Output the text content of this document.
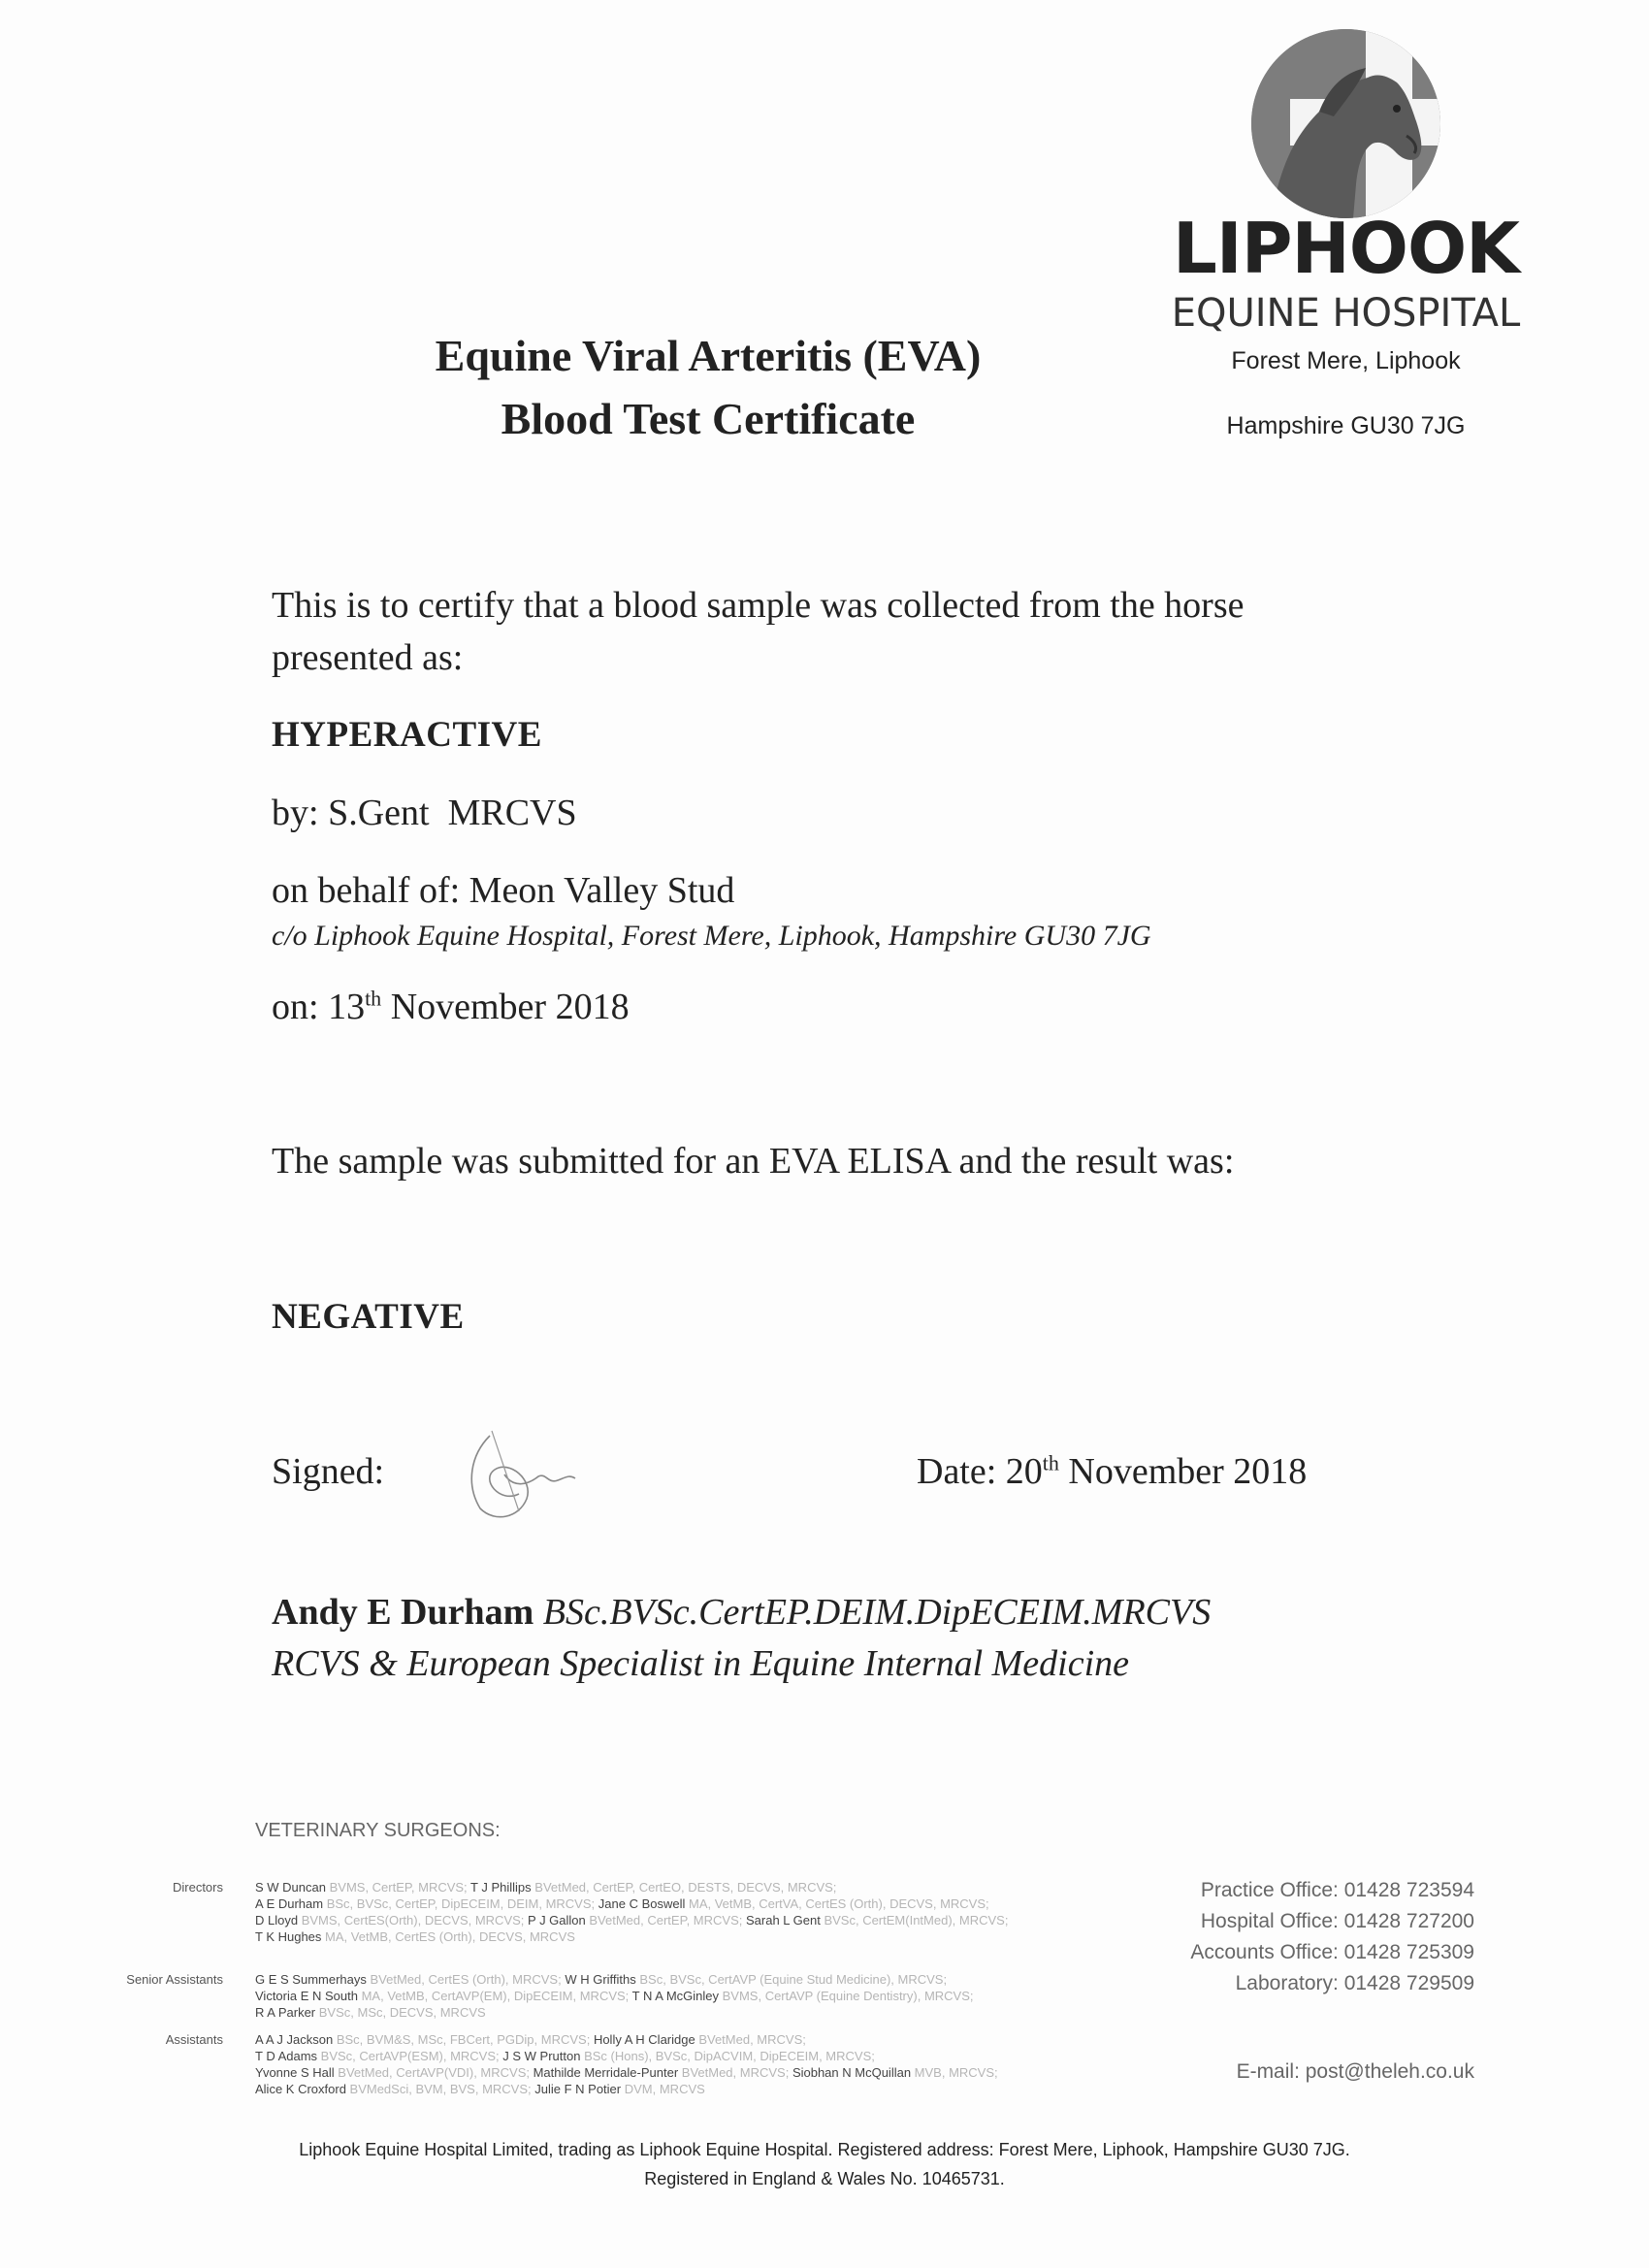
LIPHOOK
EQUINE HOSPITAL
Forest Mere, Liphook
Hampshire GU30 7JG
Equine Viral Arteritis (EVA)
Blood Test Certificate
This is to certify that a blood sample was collected from the horse
presented as:
HYPERACTIVE
by: S.Gent  MRCVS
on behalf of: Meon Valley Stud
c/o Liphook Equine Hospital, Forest Mere, Liphook, Hampshire GU30 7JG
on: 13th November 2018
The sample was submitted for an EVA ELISA and the result was:
NEGATIVE
Signed:	Date: 20th November 2018
Andy E Durham BSc.BVSc.CertEP.DEIM.DipECEIM.MRCVS
RCVS & European Specialist in Equine Internal Medicine
VETERINARY SURGEONS:
Directors	S W Duncan BVMS, CertEP, MRCVS; T J Phillips BVetMed, CertEP, CertEO, DESTS, DECVS, MRCVS;
A E Durham BSc, BVSc, CertEP, DipECEIM, DEIM, MRCVS; Jane C Boswell MA, VetMB, CertVA, CertES (Orth), DECVS, MRCVS;
D Lloyd BVMS, CertES(Orth), DECVS, MRCVS; P J Gallon BVetMed, CertEP, MRCVS; Sarah L Gent BVSc, CertEM(IntMed), MRCVS;
T K Hughes MA, VetMB, CertES (Orth), DECVS, MRCVS
Senior Assistants	G E S Summerhays BVetMed, CertES (Orth), MRCVS; W H Griffiths BSc, BVSc, CertAVP (Equine Stud Medicine), MRCVS;
Victoria E N South MA, VetMB, CertAVP(EM), DipECEIM, MRCVS; T N A McGinley BVMS, CertAVP (Equine Dentistry), MRCVS;
R A Parker BVSc, MSc, DECVS, MRCVS
Assistants	A A J Jackson BSc, BVM&S, MSc, FBCert, PGDip, MRCVS; Holly A H Claridge BVetMed, MRCVS;
T D Adams BVSc, CertAVP(ESM), MRCVS; J S W Prutton BSc (Hons), BVSc, DipACVIM, DipECEIM, MRCVS;
Yvonne S Hall BVetMed, CertAVP(VDI), MRCVS; Mathilde Merridale-Punter BVetMed, MRCVS; Siobhan N McQuillan MVB, MRCVS;
Alice K Croxford BVMedSci, BVM, BVS, MRCVS; Julie F N Potier DVM, MRCVS
Practice Office: 01428 723594
Hospital Office: 01428 727200
Accounts Office: 01428 725309
Laboratory: 01428 729509
E-mail: post@theleh.co.uk
Liphook Equine Hospital Limited, trading as Liphook Equine Hospital. Registered address: Forest Mere, Liphook, Hampshire GU30 7JG.
Registered in England & Wales No. 10465731.
